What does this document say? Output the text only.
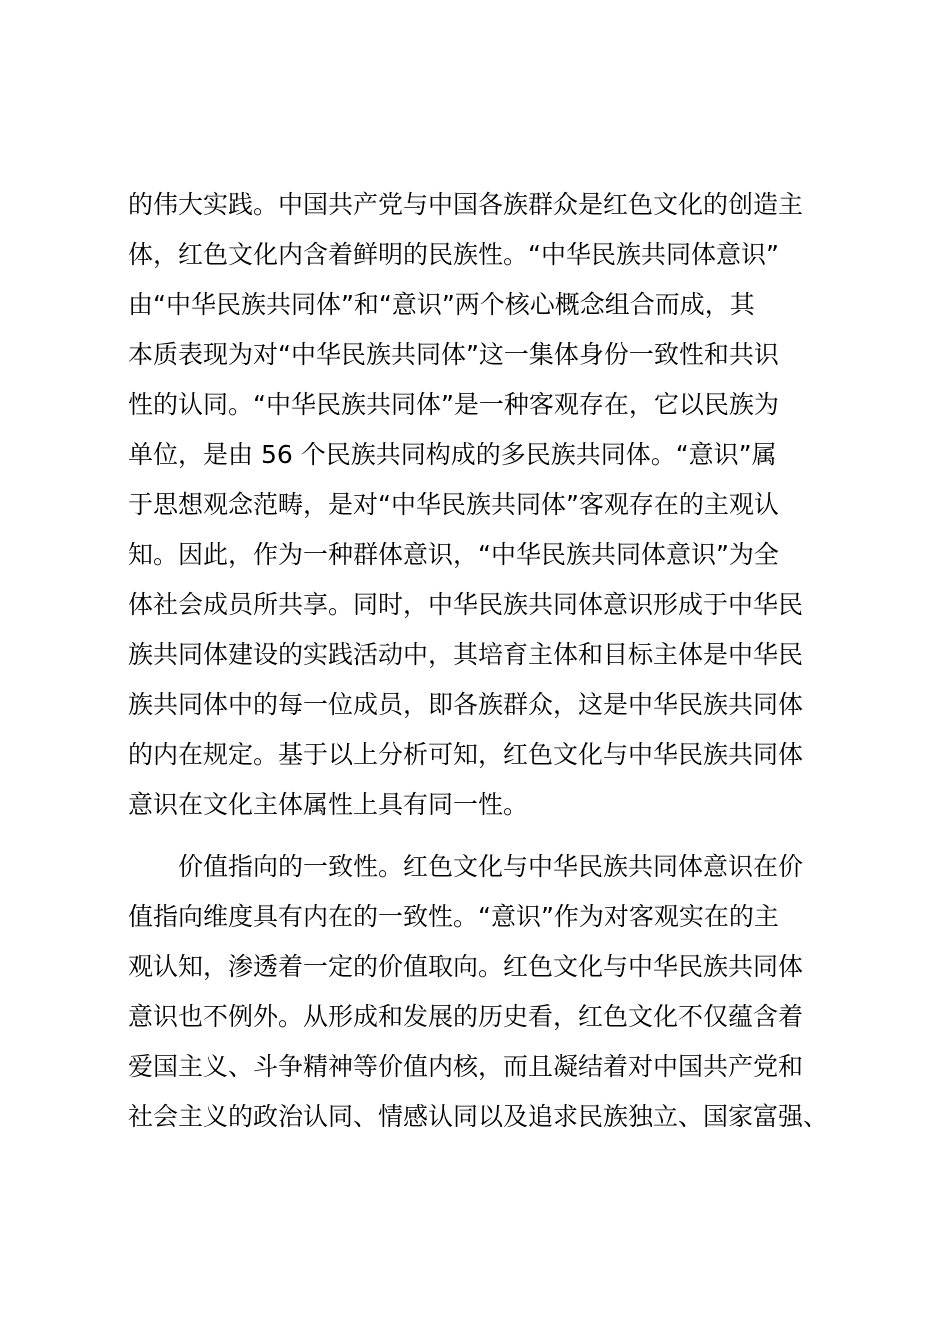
的伟大实践。中国共产党与中国各族群众是红色文化的创造主
体，红色文化内含着鲜明的民族性。“中华民族共同体意识”
由“中华民族共同体”和“意识”两个核心概念组合而成，其
本质表现为对“中华民族共同体”这一集体身份一致性和共识
性的认同。“中华民族共同体”是一种客观存在，它以民族为
单位，是由 56 个民族共同构成的多民族共同体。“意识”属
于思想观念范畴，是对“中华民族共同体”客观存在的主观认
知。因此，作为一种群体意识，“中华民族共同体意识”为全
体社会成员所共享。同时，中华民族共同体意识形成于中华民
族共同体建设的实践活动中，其培育主体和目标主体是中华民
族共同体中的每一位成员，即各族群众，这是中华民族共同体
的内在规定。基于以上分析可知，红色文化与中华民族共同体
意识在文化主体属性上具有同一性。
价值指向的一致性。红色文化与中华民族共同体意识在价
值指向维度具有内在的一致性。“意识”作为对客观实在的主
观认知，渗透着一定的价值取向。红色文化与中华民族共同体
意识也不例外。从形成和发展的历史看，红色文化不仅蕴含着
爱国主义、斗争精神等价值内核，而且凝结着对中国共产党和
社会主义的政治认同、情感认同以及追求民族独立、国家富强、
